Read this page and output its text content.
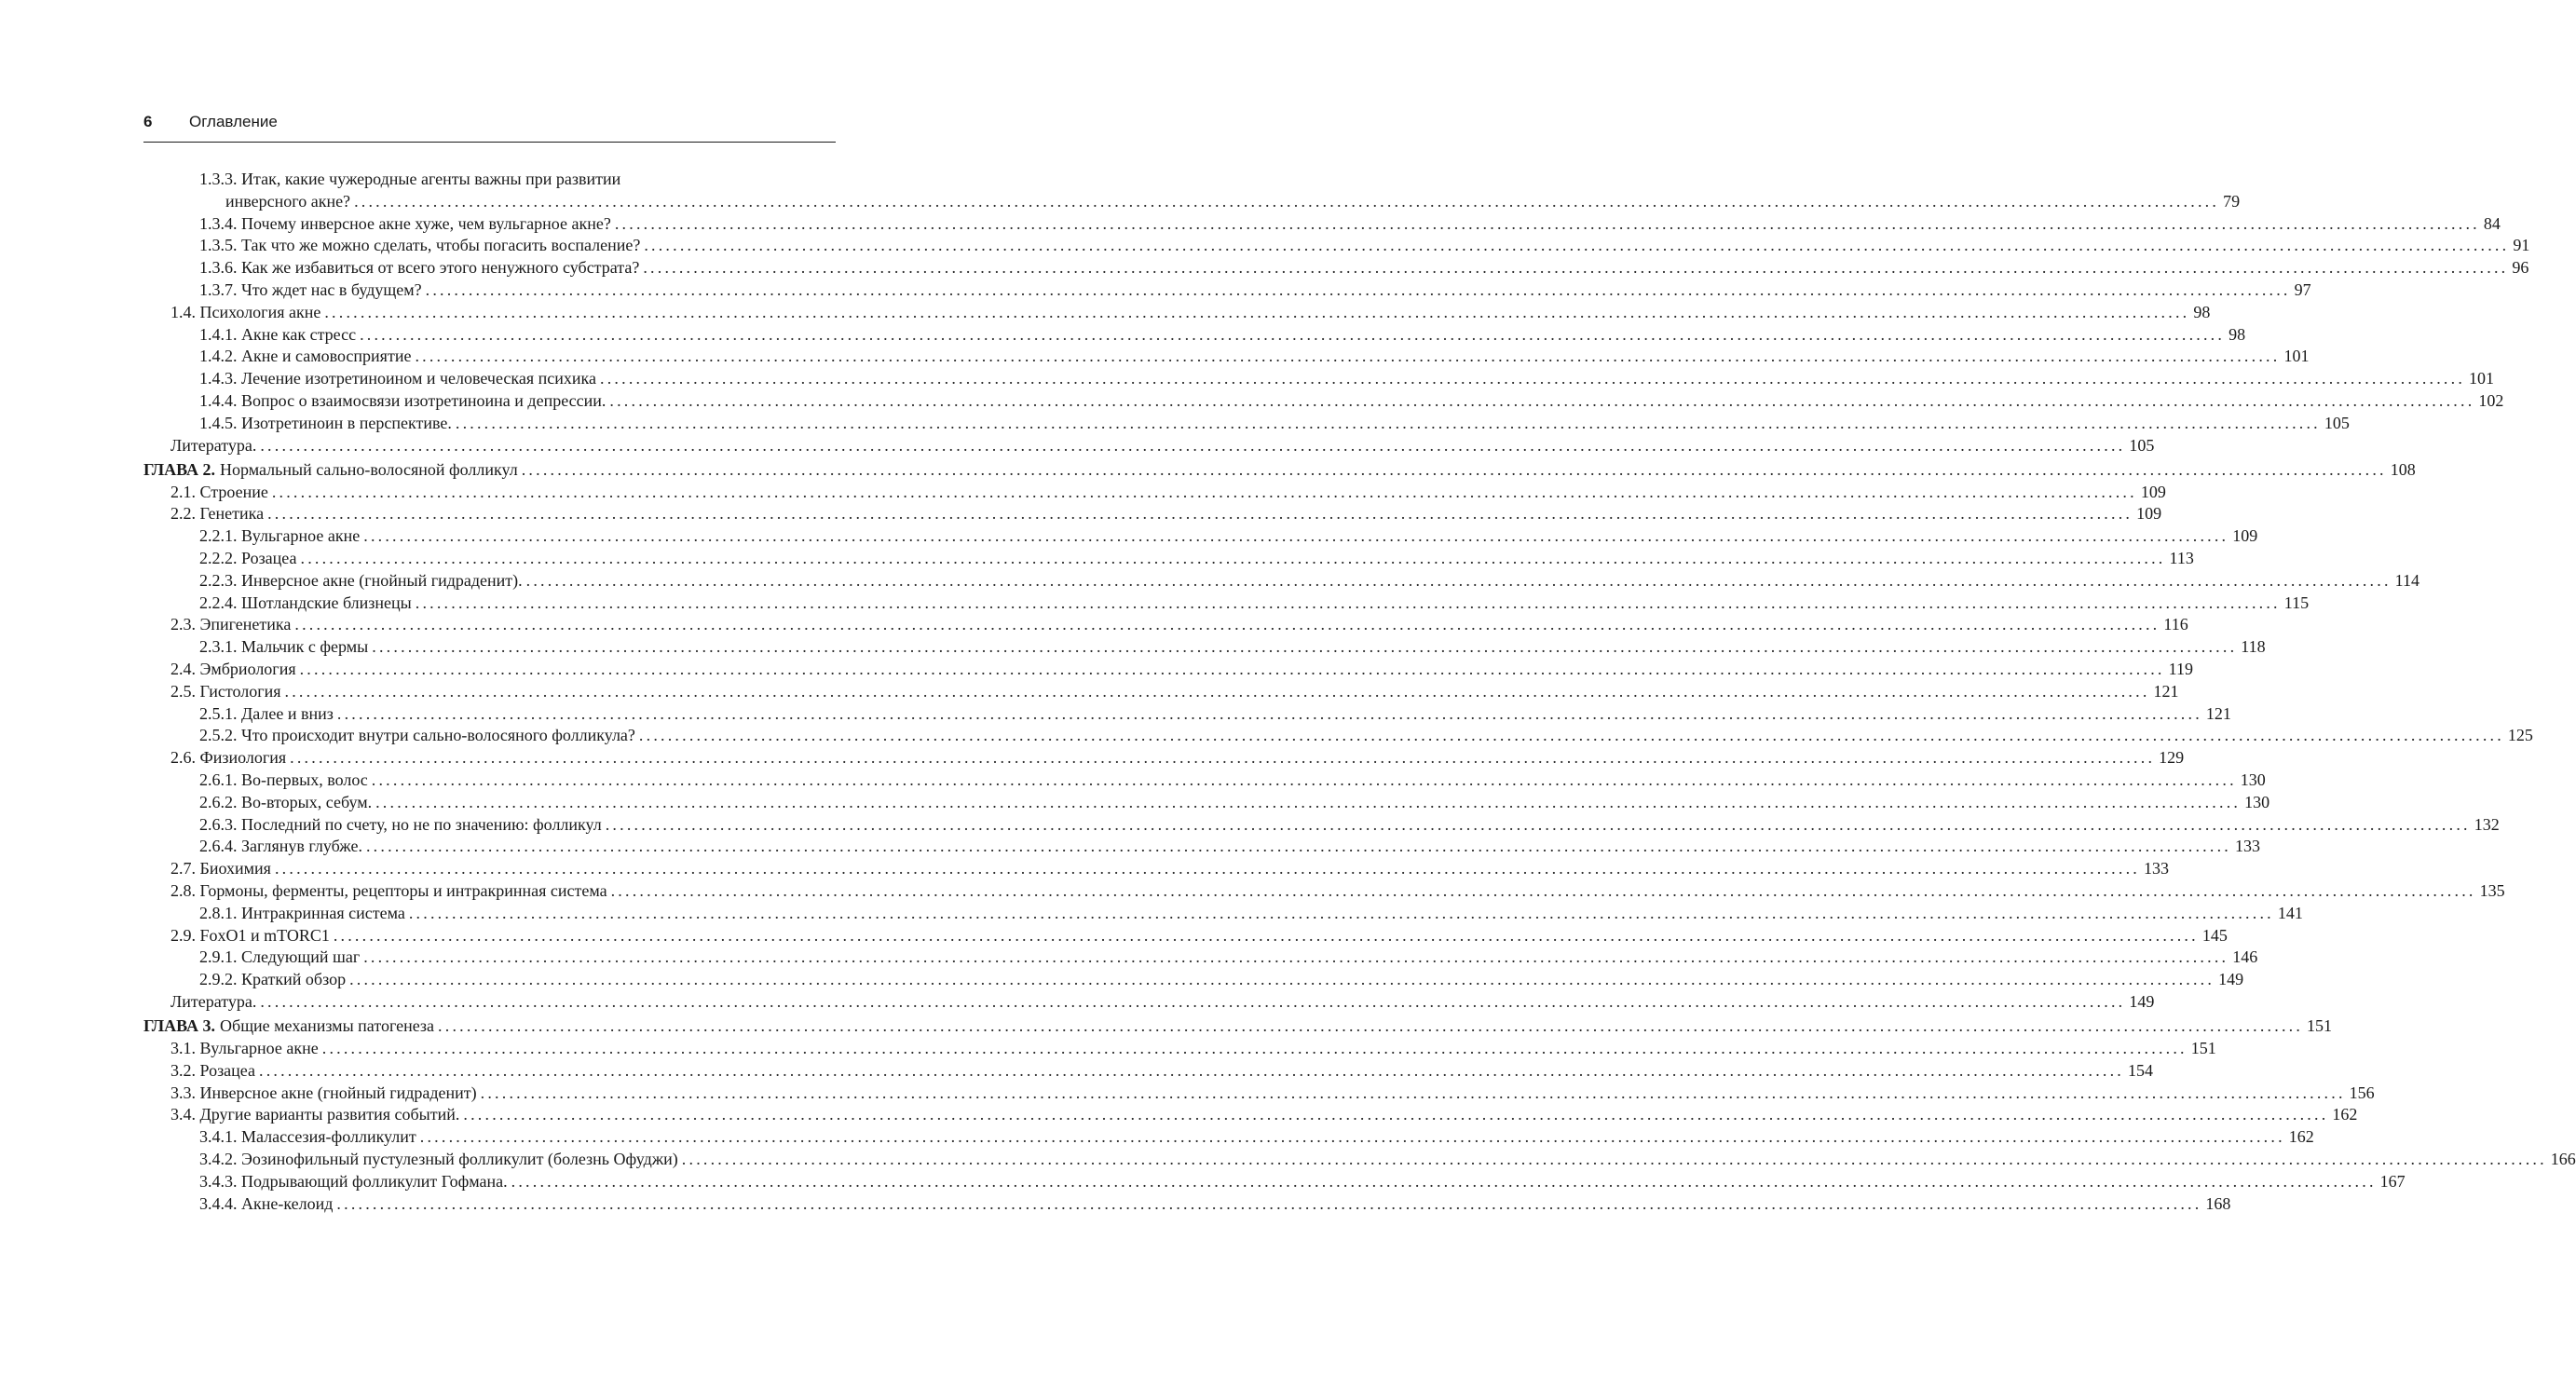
6 Оглавление
1.3.3. Итак, какие чужеродные агенты важны при развитии
инверсного акне? .................................................................................................................................................................................................................................................................... 79
1.3.4. Почему инверсное акне хуже, чем вульгарное акне? .................................................................................................................................................................................................................................................................... 84
1.3.5. Так что же можно сделать, чтобы погасить воспаление? .................................................................................................................................................................................................................................................................... 91
1.3.6. Как же избавиться от всего этого ненужного субстрата? .................................................................................................................................................................................................................................................................... 96
1.3.7. Что ждет нас в будущем? .................................................................................................................................................................................................................................................................... 97
1.4. Психология акне .................................................................................................................................................................................................................................................................... 98
1.4.1. Акне как стресс .................................................................................................................................................................................................................................................................... 98
1.4.2. Акне и самовосприятие .................................................................................................................................................................................................................................................................... 101
1.4.3. Лечение изотретиноином и человеческая психика .................................................................................................................................................................................................................................................................... 101
1.4.4. Вопрос о взаимосвязи изотретиноина и депрессии. .................................................................................................................................................................................................................................................................... 102
1.4.5. Изотретиноин в перспективе. .................................................................................................................................................................................................................................................................... 105
Литература. .................................................................................................................................................................................................................................................................... 105
ГЛАВА 2. Нормальный сально-волосяной фолликул .................................................................................................................................................................................................................................................................... 108
2.1. Строение .................................................................................................................................................................................................................................................................... 109
2.2. Генетика .................................................................................................................................................................................................................................................................... 109
2.2.1. Вульгарное акне .................................................................................................................................................................................................................................................................... 109
2.2.2. Розацеа .................................................................................................................................................................................................................................................................... 113
2.2.3. Инверсное акне (гнойный гидраденит). .................................................................................................................................................................................................................................................................... 114
2.2.4. Шотландские близнецы .................................................................................................................................................................................................................................................................... 115
2.3. Эпигенетика .................................................................................................................................................................................................................................................................... 116
2.3.1. Мальчик с фермы .................................................................................................................................................................................................................................................................... 118
2.4. Эмбриология .................................................................................................................................................................................................................................................................... 119
2.5. Гистология .................................................................................................................................................................................................................................................................... 121
2.5.1. Далее и вниз .................................................................................................................................................................................................................................................................... 121
2.5.2. Что происходит внутри сально-волосяного фолликула? .................................................................................................................................................................................................................................................................... 125
2.6. Физиология .................................................................................................................................................................................................................................................................... 129
2.6.1. Во-первых, волос .................................................................................................................................................................................................................................................................... 130
2.6.2. Во-вторых, себум. .................................................................................................................................................................................................................................................................... 130
2.6.3. Последний по счету, но не по значению: фолликул .................................................................................................................................................................................................................................................................... 132
2.6.4. Заглянув глубже. .................................................................................................................................................................................................................................................................... 133
2.7. Биохимия .................................................................................................................................................................................................................................................................... 133
2.8. Гормоны, ферменты, рецепторы и интракринная система .................................................................................................................................................................................................................................................................... 135
2.8.1. Интракринная система .................................................................................................................................................................................................................................................................... 141
2.9. FoxO1 и mTORC1 .................................................................................................................................................................................................................................................................... 145
2.9.1. Следующий шаг .................................................................................................................................................................................................................................................................... 146
2.9.2. Краткий обзор .................................................................................................................................................................................................................................................................... 149
Литература. .................................................................................................................................................................................................................................................................... 149
ГЛАВА 3. Общие механизмы патогенеза .................................................................................................................................................................................................................................................................... 151
3.1. Вульгарное акне .................................................................................................................................................................................................................................................................... 151
3.2. Розацеа .................................................................................................................................................................................................................................................................... 154
3.3. Инверсное акне (гнойный гидраденит) .................................................................................................................................................................................................................................................................... 156
3.4. Другие варианты развития событий. .................................................................................................................................................................................................................................................................... 162
3.4.1. Малассезия-фолликулит .................................................................................................................................................................................................................................................................... 162
3.4.2. Эозинофильный пустулезный фолликулит (болезнь Офуджи) .................................................................................................................................................................................................................................................................... 166
3.4.3. Подрывающий фолликулит Гофмана. .................................................................................................................................................................................................................................................................... 167
3.4.4. Акне-келоид .................................................................................................................................................................................................................................................................... 168
